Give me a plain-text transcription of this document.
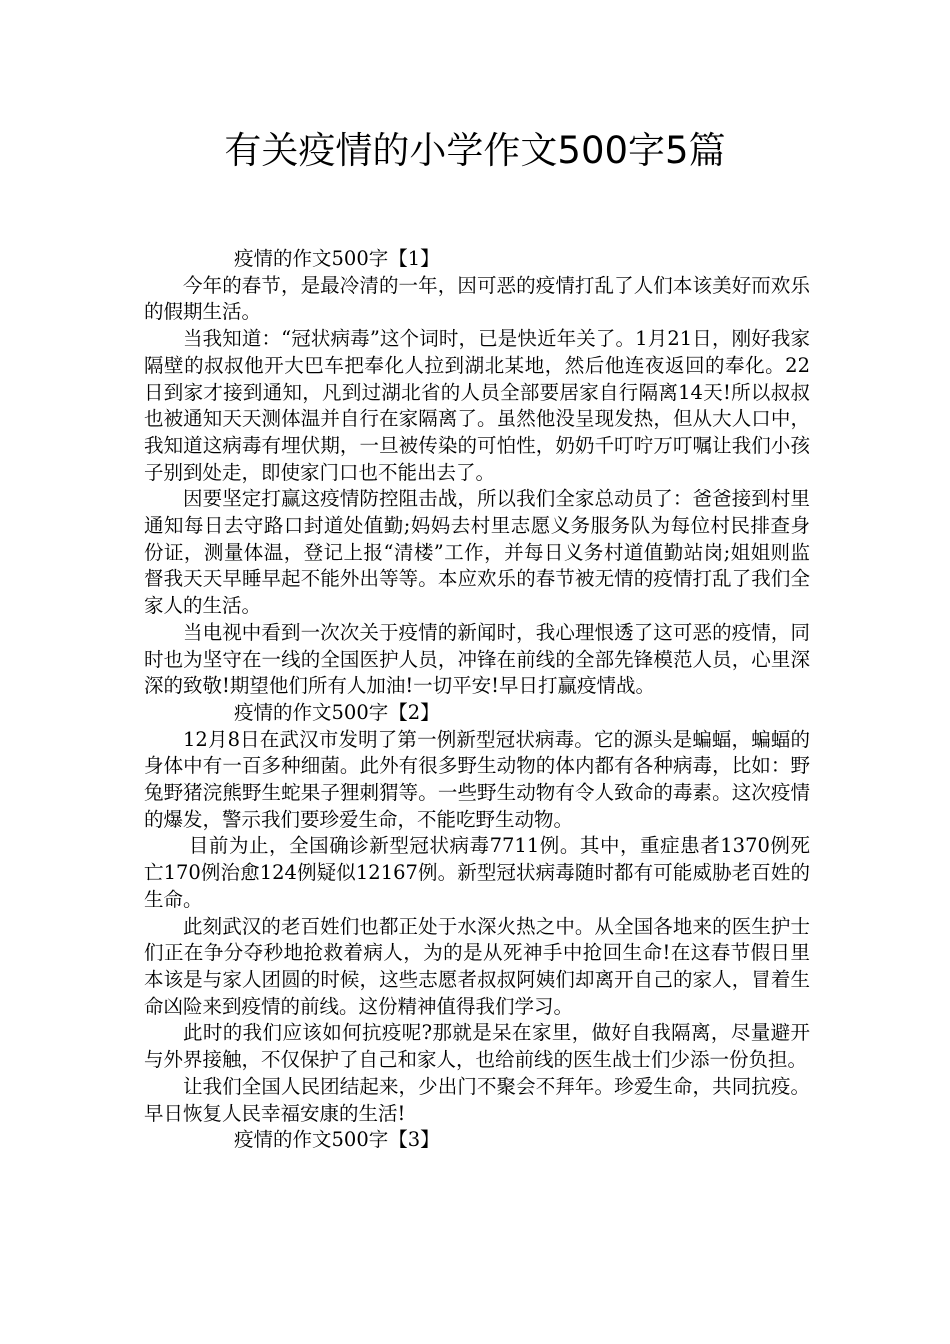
有关疫情的小学作文500字5篇

疫情的作文500字【1】

今年的春节，是最冷清的一年，因可恶的疫情打乱了人们本该美好而欢乐的假期生活。

当我知道：“冠状病毒”这个词时，已是快近年关了。1月21日，刚好我家隔壁的叔叔他开大巴车把奉化人拉到湖北某地，然后他连夜返回的奉化。22日到家才接到通知，凡到过湖北省的人员全部要居家自行隔离14天!所以叔叔也被通知天天测体温并自行在家隔离了。虽然他没呈现发热，但从大人口中，我知道这病毒有埋伏期，一旦被传染的可怕性，奶奶千叮咛万叮嘱让我们小孩子别到处走，即使家门口也不能出去了。

因要坚定打赢这疫情防控阻击战，所以我们全家总动员了：爸爸接到村里通知每日去守路口封道处值勤;妈妈去村里志愿义务服务队为每位村民排查身份证，测量体温，登记上报“清楼”工作，并每日义务村道值勤站岗;姐姐则监督我天天早睡早起不能外出等等。本应欢乐的春节被无情的疫情打乱了我们全家人的生活。

当电视中看到一次次关于疫情的新闻时，我心理恨透了这可恶的疫情，同时也为坚守在一线的全国医护人员，冲锋在前线的全部先锋模范人员，心里深深的致敬!期望他们所有人加油!一切平安!早日打赢疫情战。

疫情的作文500字【2】

12月8日在武汉市发明了第一例新型冠状病毒。它的源头是蝙蝠，蝙蝠的身体中有一百多种细菌。此外有很多野生动物的体内都有各种病毒，比如：野兔野猪浣熊野生蛇果子狸刺猬等。一些野生动物有令人致命的毒素。这次疫情的爆发，警示我们要珍爱生命，不能吃野生动物。

目前为止，全国确诊新型冠状病毒7711例。其中，重症患者1370例死亡170例治愈124例疑似12167例。新型冠状病毒随时都有可能威胁老百姓的生命。

此刻武汉的老百姓们也都正处于水深火热之中。从全国各地来的医生护士们正在争分夺秒地抢救着病人，为的是从死神手中抢回生命!在这春节假日里本该是与家人团圆的时候，这些志愿者叔叔阿姨们却离开自己的家人，冒着生命凶险来到疫情的前线。这份精神值得我们学习。

此时的我们应该如何抗疫呢?那就是呆在家里，做好自我隔离，尽量避开与外界接触，不仅保护了自己和家人，也给前线的医生战士们少添一份负担。

让我们全国人民团结起来，少出门不聚会不拜年。珍爱生命，共同抗疫。早日恢复人民幸福安康的生活!

疫情的作文500字【3】
